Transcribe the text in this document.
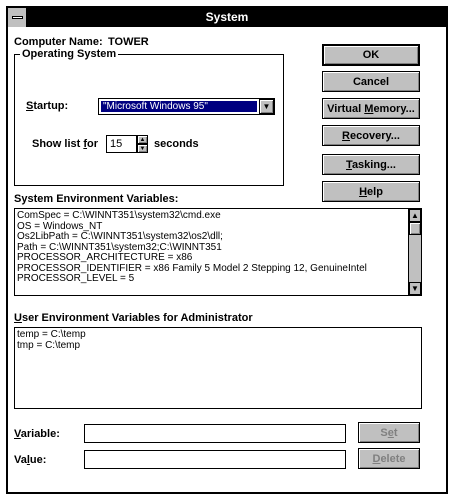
System
Computer Name: TOWER
Operating System
Startup:	"Microsoft Windows 95"	▼
Show list for	15	▲
▼ seconds
OK
Cancel
Virtual Memory...
Recovery...
Tasking...
Help
System Environment Variables:
ComSpec = C:\WINNT351\system32\cmd.exe
OS = Windows_NT
Os2LibPath = C:\WINNT351\system32\os2\dll;
Path = C:\WINNT351\system32;C:\WINNT351
PROCESSOR_ARCHITECTURE = x86
PROCESSOR_IDENTIFIER = x86 Family 5 Model 2 Stepping 12, GenuineIntel
PROCESSOR_LEVEL = 5
▲
▼
User Environment Variables for Administrator
temp = C:\temp
tmp = C:\temp
Variable:	Set
Value:	Delete
